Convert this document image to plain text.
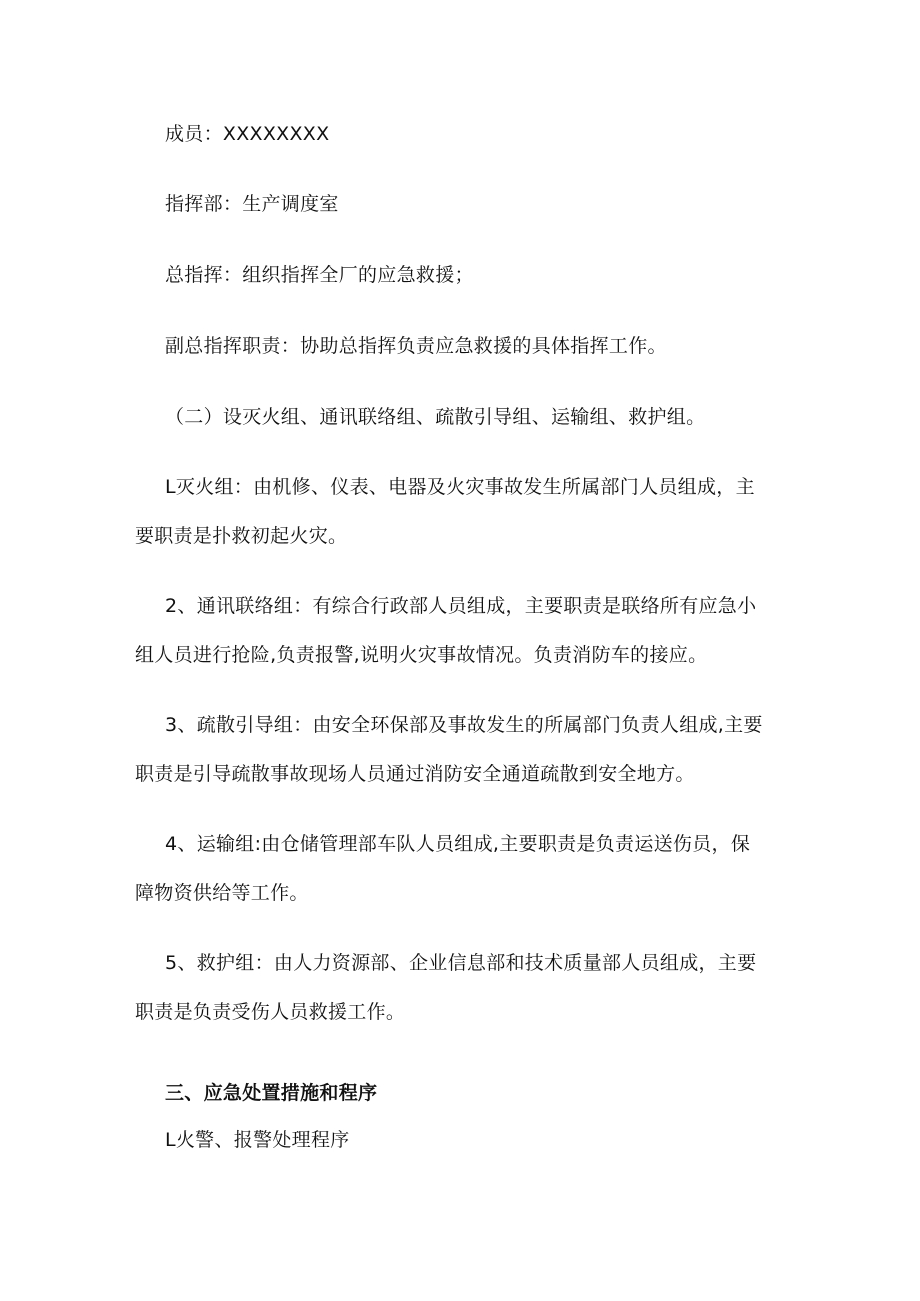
成员：XXXXXXXX
指挥部：生产调度室
总指挥：组织指挥全厂的应急救援；
副总指挥职责：协助总指挥负责应急救援的具体指挥工作。
（二）设灭火组、通讯联络组、疏散引导组、运输组、救护组。
L灭火组：由机修、仪表、电器及火灾事故发生所属部门人员组成，主
要职责是扑救初起火灾。
2、通讯联络组：有综合行政部人员组成，主要职责是联络所有应急小
组人员进行抢险,负责报警,说明火灾事故情况。负责消防车的接应。
3、疏散引导组：由安全环保部及事故发生的所属部门负责人组成,主要
职责是引导疏散事故现场人员通过消防安全通道疏散到安全地方。
4、运输组:由仓储管理部车队人员组成,主要职责是负责运送伤员，保
障物资供给等工作。
5、救护组：由人力资源部、企业信息部和技术质量部人员组成，主要
职责是负责受伤人员救援工作。
三、应急处置措施和程序
L火警、报警处理程序
